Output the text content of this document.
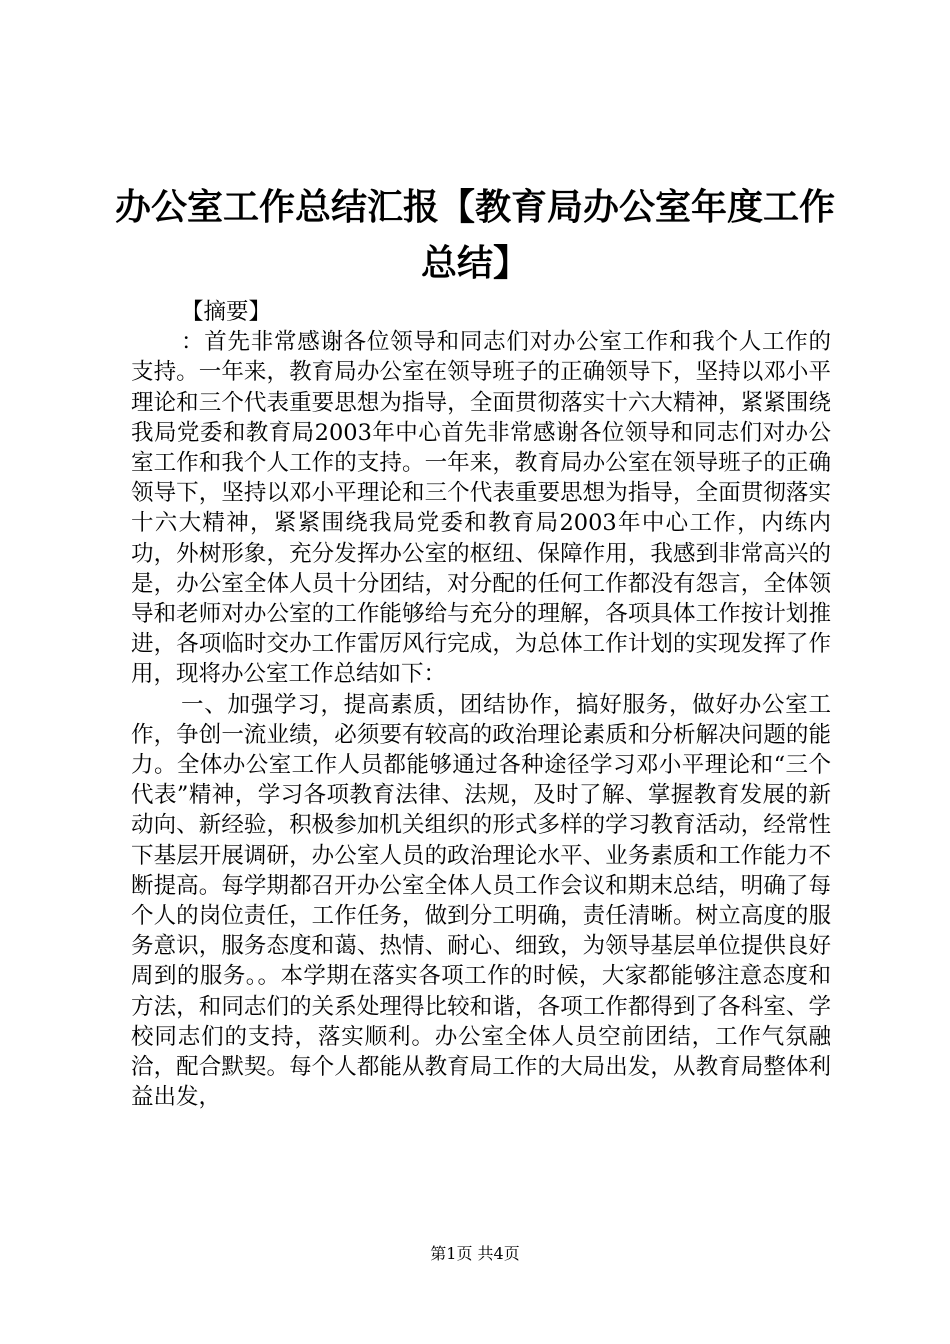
办公室工作总结汇报【教育局办公室年度工作总结】

【摘要】

：首先非常感谢各位领导和同志们对办公室工作和我个人工作的支持。一年来，教育局办公室在领导班子的正确领导下，坚持以邓小平理论和三个代表重要思想为指导，全面贯彻落实十六大精神，紧紧围绕我局党委和教育局2003年中心首先非常感谢各位领导和同志们对办公室工作和我个人工作的支持。一年来，教育局办公室在领导班子的正确领导下，坚持以邓小平理论和三个代表重要思想为指导，全面贯彻落实十六大精神，紧紧围绕我局党委和教育局2003年中心工作，内练内功，外树形象，充分发挥办公室的枢纽、保障作用，我感到非常高兴的是，办公室全体人员十分团结，对分配的任何工作都没有怨言，全体领导和老师对办公室的工作能够给与充分的理解，各项具体工作按计划推进，各项临时交办工作雷厉风行完成，为总体工作计划的实现发挥了作用，现将办公室工作总结如下：

一、加强学习，提高素质，团结协作，搞好服务，做好办公室工作，争创一流业绩，必须要有较高的政治理论素质和分析解决问题的能力。全体办公室工作人员都能够通过各种途径学习邓小平理论和“三个代表”精神，学习各项教育法律、法规，及时了解、掌握教育发展的新动向、新经验，积极参加机关组织的形式多样的学习教育活动，经常性下基层开展调研，办公室人员的政治理论水平、业务素质和工作能力不断提高。每学期都召开办公室全体人员工作会议和期末总结，明确了每个人的岗位责任，工作任务，做到分工明确，责任清晰。树立高度的服务意识，服务态度和蔼、热情、耐心、细致，为领导基层单位提供良好周到的服务。。本学期在落实各项工作的时候，大家都能够注意态度和方法，和同志们的关系处理得比较和谐，各项工作都得到了各科室、学校同志们的支持，落实顺利。办公室全体人员空前团结，工作气氛融洽，配合默契。每个人都能从教育局工作的大局出发，从教育局整体利益出发，

第1页 共4页
